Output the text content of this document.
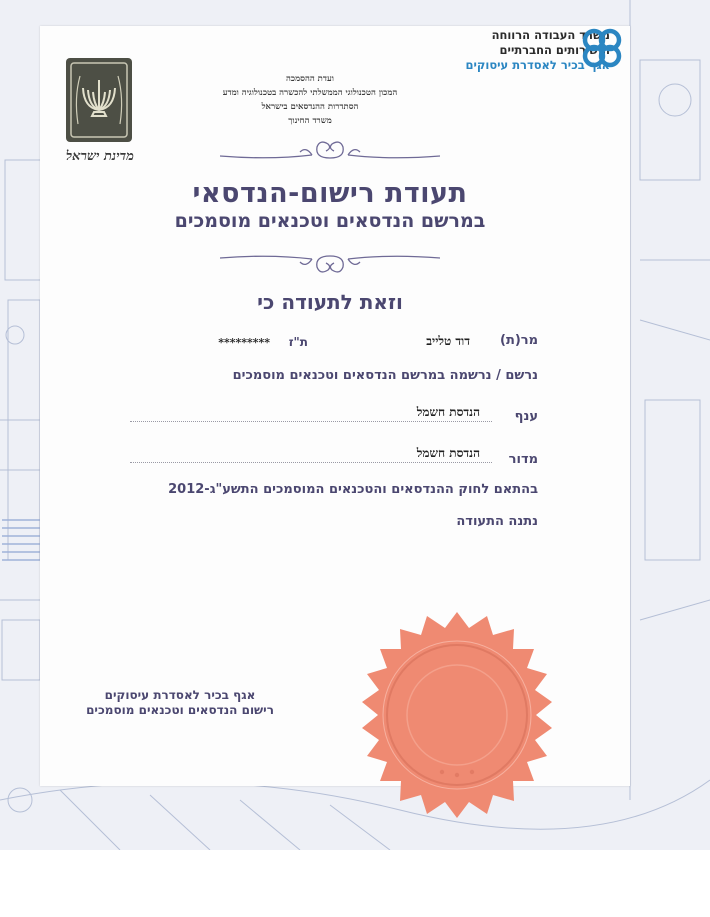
משרד העבודה הרווחה
והשירותים החברתיים
אגף בכיר לאסדרת עיסוקים
מדינת ישראל
ועדת ההסמכה
המכון הטכנולוגי הממשלתי להכשרה בטכנולוגיה ומדע
הסתדרות ההנדסאים בישראל
משרד החינוך
תעודת רישום-הנדסאי
במרשם הנדסאים וטכנאים מוסמכים
וזאת לתעודה כי
מר(ת)
דוד טלייב
ת"ז
*********
נרשם / נרשמה במרשם הנדסאים וטכנאים מוסמכים
ענף
הנדסת חשמל
מדור
הנדסת חשמל
בהתאם לחוק ההנדסאים והטכנאים המוסמכים התשע"ג-2012
נתנה התעודה
אגף בכיר לאסדרת עיסוקים
רישום הנדסאים וטכנאים מוסמכים
